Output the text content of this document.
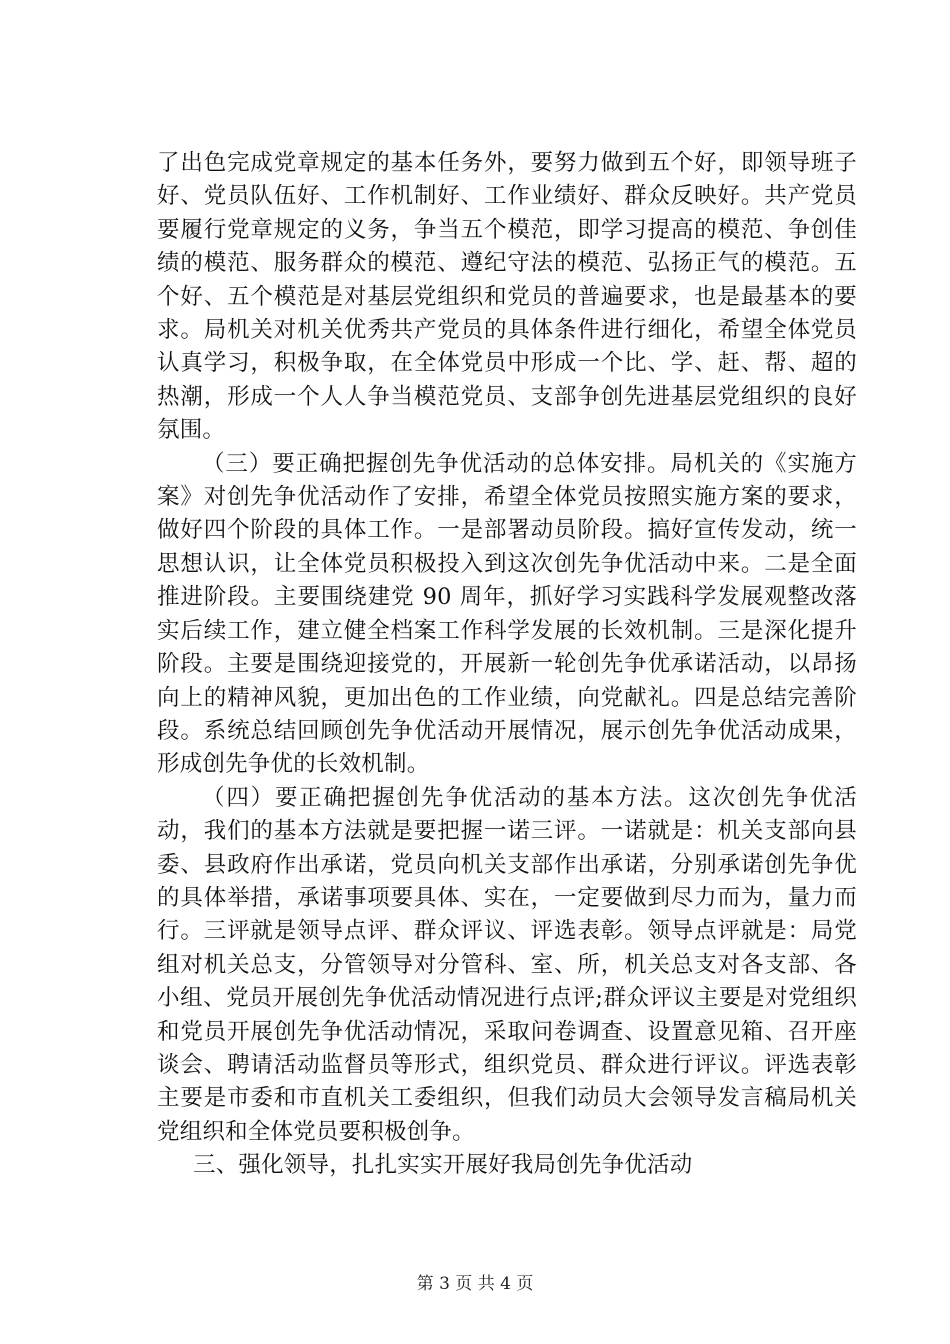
了出色完成党章规定的基本任务外，要努力做到五个好，即领导班子好、党员队伍好、工作机制好、工作业绩好、群众反映好。共产党员要履行党章规定的义务，争当五个模范，即学习提高的模范、争创佳绩的模范、服务群众的模范、遵纪守法的模范、弘扬正气的模范。五个好、五个模范是对基层党组织和党员的普遍要求，也是最基本的要求。局机关对机关优秀共产党员的具体条件进行细化，希望全体党员认真学习，积极争取，在全体党员中形成一个比、学、赶、帮、超的热潮，形成一个人人争当模范党员、支部争创先进基层党组织的良好氛围。

（三）要正确把握创先争优活动的总体安排。局机关的《实施方案》对创先争优活动作了安排，希望全体党员按照实施方案的要求，做好四个阶段的具体工作。一是部署动员阶段。搞好宣传发动，统一思想认识，让全体党员积极投入到这次创先争优活动中来。二是全面推进阶段。主要围绕建党 90 周年，抓好学习实践科学发展观整改落实后续工作，建立健全档案工作科学发展的长效机制。三是深化提升阶段。主要是围绕迎接党的，开展新一轮创先争优承诺活动，以昂扬向上的精神风貌，更加出色的工作业绩，向党献礼。四是总结完善阶段。系统总结回顾创先争优活动开展情况，展示创先争优活动成果，形成创先争优的长效机制。

（四）要正确把握创先争优活动的基本方法。这次创先争优活动，我们的基本方法就是要把握一诺三评。一诺就是：机关支部向县委、县政府作出承诺，党员向机关支部作出承诺，分别承诺创先争优的具体举措，承诺事项要具体、实在，一定要做到尽力而为，量力而行。三评就是领导点评、群众评议、评选表彰。领导点评就是：局党组对机关总支，分管领导对分管科、室、所，机关总支对各支部、各小组、党员开展创先争优活动情况进行点评;群众评议主要是对党组织和党员开展创先争优活动情况，采取问卷调查、设置意见箱、召开座谈会、聘请活动监督员等形式，组织党员、群众进行评议。评选表彰主要是市委和市直机关工委组织，但我们动员大会领导发言稿局机关党组织和全体党员要积极创争。

三、强化领导，扎扎实实开展好我局创先争优活动

第 3 页 共 4 页
